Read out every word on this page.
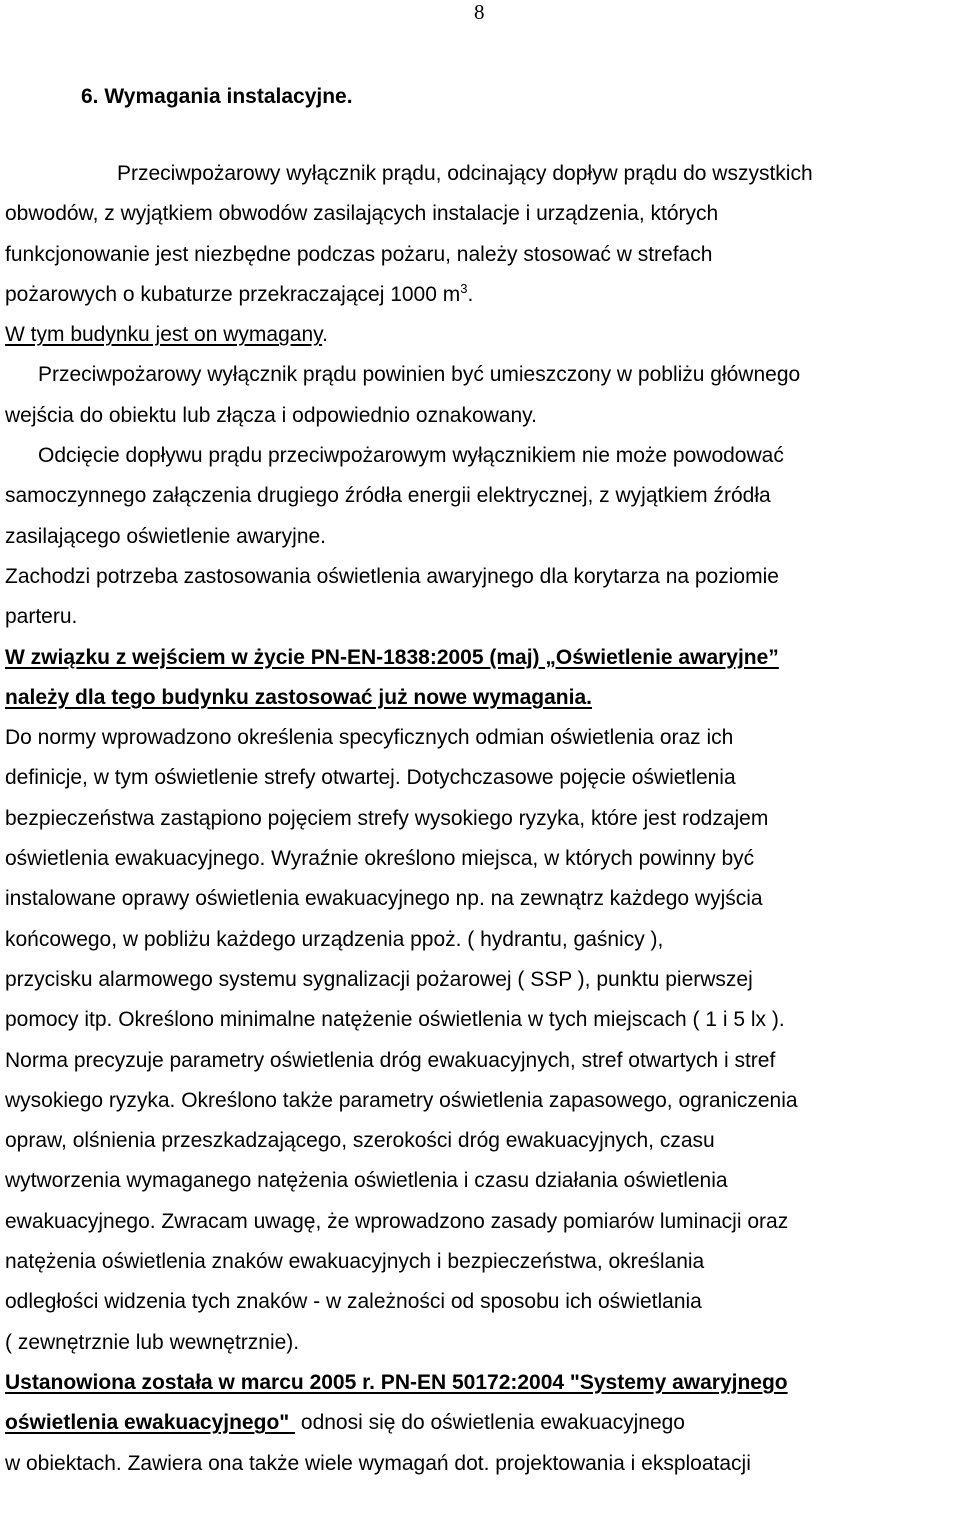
8
6. Wymagania instalacyjne.
Przeciwpożarowy wyłącznik prądu, odcinający dopływ prądu do wszystkich
obwodów, z wyjątkiem obwodów zasilających instalacje i urządzenia, których
funkcjonowanie jest niezbędne podczas pożaru, należy stosować w strefach
pożarowych o kubaturze przekraczającej 1000 $m^3$.
W tym budynku jest on wymagany.
Przeciwpożarowy wyłącznik prądu powinien być umieszczony w pobliżu głównego
wejścia do obiektu lub złącza i odpowiednio oznakowany.
Odcięcie dopływu prądu przeciwpożarowym wyłącznikiem nie może powodować
samoczynnego załączenia drugiego źródła energii elektrycznej, z wyjątkiem źródła
zasilającego oświetlenie awaryjne.
Zachodzi potrzeba zastosowania oświetlenia awaryjnego dla korytarza na poziomie
parteru.
W związku z wejściem w życie PN-EN-1838:2005 (maj) „Oświetlenie awaryjne”
należy dla tego budynku zastosować już nowe wymagania.
Do normy wprowadzono określenia specyficznych odmian oświetlenia oraz ich
definicje, w tym oświetlenie strefy otwartej. Dotychczasowe pojęcie oświetlenia
bezpieczeństwa zastąpiono pojęciem strefy wysokiego ryzyka, które jest rodzajem
oświetlenia ewakuacyjnego. Wyraźnie określono miejsca, w których powinny być
instalowane oprawy oświetlenia ewakuacyjnego np. na zewnątrz każdego wyjścia
końcowego, w pobliżu każdego urządzenia ppoż. ( hydrantu, gaśnicy ),
przycisku alarmowego systemu sygnalizacji pożarowej ( SSP ), punktu pierwszej
pomocy itp. Określono minimalne natężenie oświetlenia w tych miejscach ( 1 i 5 lx ).
Norma precyzuje parametry oświetlenia dróg ewakuacyjnych, stref otwartych i stref
wysokiego ryzyka. Określono także parametry oświetlenia zapasowego, ograniczenia
opraw, olśnienia przeszkadzającego, szerokości dróg ewakuacyjnych, czasu
wytworzenia wymaganego natężenia oświetlenia i czasu działania oświetlenia
ewakuacyjnego. Zwracam uwagę, że wprowadzono zasady pomiarów luminacji oraz
natężenia oświetlenia znaków ewakuacyjnych i bezpieczeństwa, określania
odległości widzenia tych znaków - w zależności od sposobu ich oświetlania
( zewnętrznie lub wewnętrznie).
Ustanowiona została w marcu 2005 r. PN-EN 50172:2004 "Systemy awaryjnego
oświetlenia ewakuacyjnego"  odnosi się do oświetlenia ewakuacyjnego
w obiektach. Zawiera ona także wiele wymagań dot. projektowania i eksploatacji
